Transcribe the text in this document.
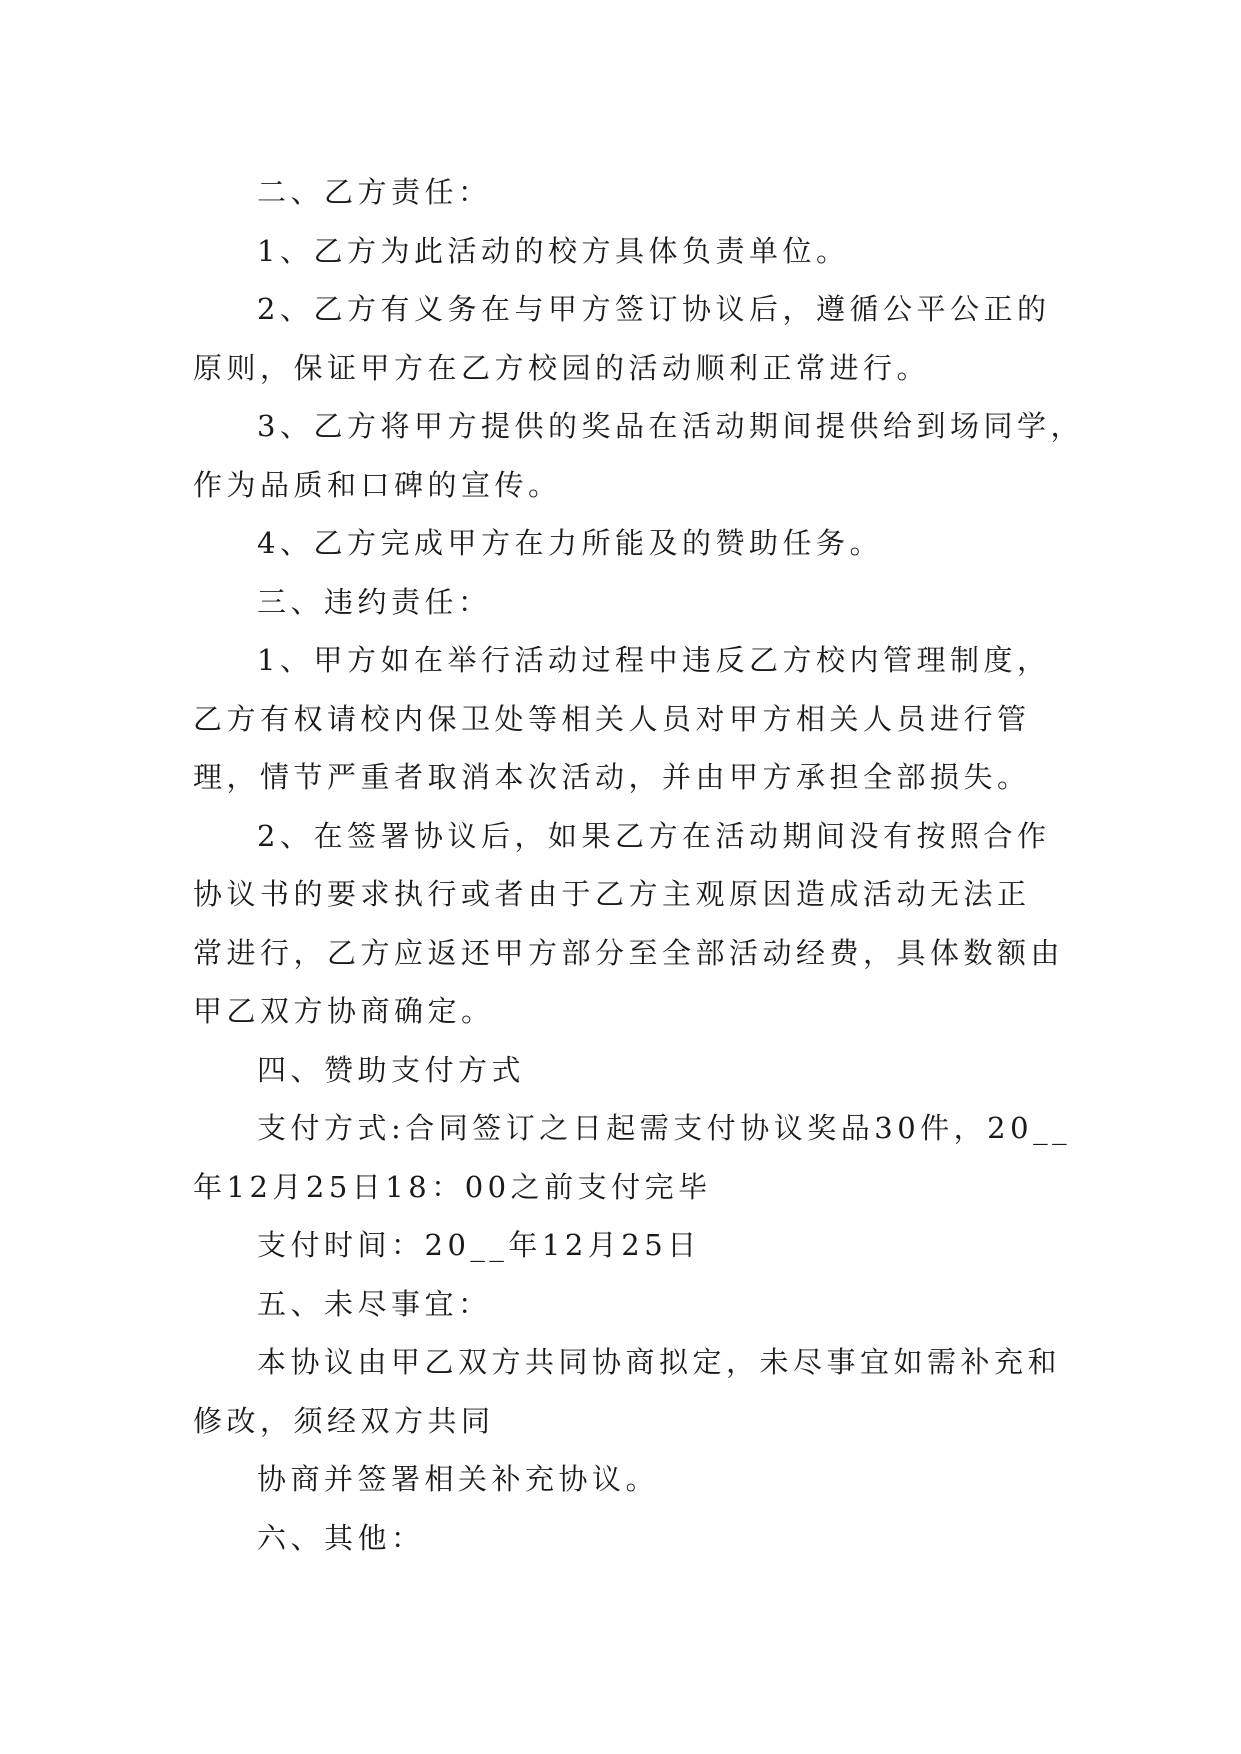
二、乙方责任：

1、乙方为此活动的校方具体负责单位。

2、乙方有义务在与甲方签订协议后，遵循公平公正的

原则，保证甲方在乙方校园的活动顺利正常进行。

3、乙方将甲方提供的奖品在活动期间提供给到场同学，

作为品质和口碑的宣传。

4、乙方完成甲方在力所能及的赞助任务。

三、违约责任：

1、甲方如在举行活动过程中违反乙方校内管理制度，

乙方有权请校内保卫处等相关人员对甲方相关人员进行管

理，情节严重者取消本次活动，并由甲方承担全部损失。

2、在签署协议后，如果乙方在活动期间没有按照合作

协议书的要求执行或者由于乙方主观原因造成活动无法正

常进行，乙方应返还甲方部分至全部活动经费，具体数额由

甲乙双方协商确定。

四、赞助支付方式

支付方式:合同签订之日起需支付协议奖品30件，20__

年12月25日18：00之前支付完毕

支付时间：20__年12月25日

五、未尽事宜：

本协议由甲乙双方共同协商拟定，未尽事宜如需补充和

修改，须经双方共同

协商并签署相关补充协议。

六、其他：
